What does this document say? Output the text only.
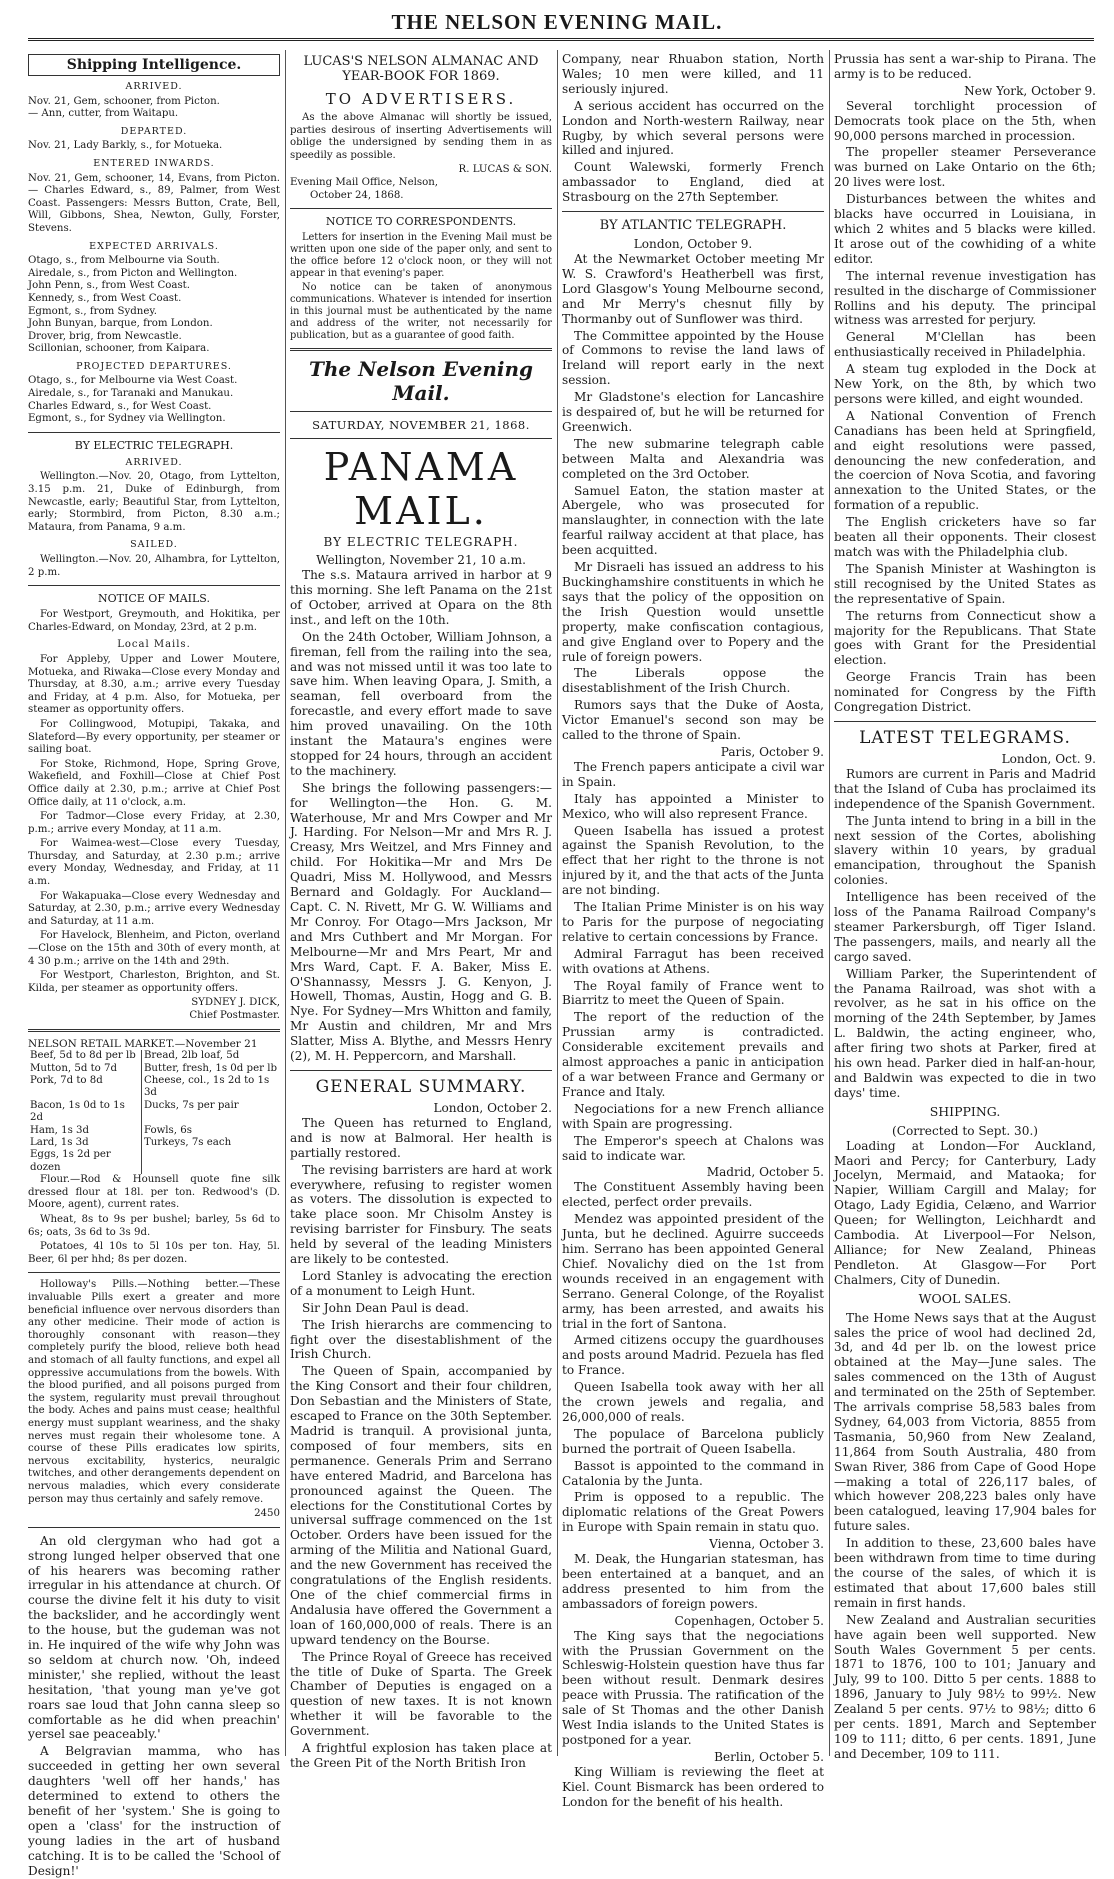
THE NELSON EVENING MAIL.
Shipping Intelligence.
ARRIVED.
Nov. 21, Gem, schooner, from Picton.
— Ann, cutter, from Waitapu.
DEPARTED.
Nov. 21, Lady Barkly, s., for Motueka.
ENTERED INWARDS.

Nov. 21, Gem, schooner, 14, Evans, from Picton. — Charles Edward, s., 89, Palmer, from West Coast. Passengers: Messrs Button, Crate, Bell, Will, Gibbons, Shea, Newton, Gully, Forster, Stevens.

EXPECTED ARRIVALS.
Otago, s., from Melbourne via South.
Airedale, s., from Picton and Wellington.
John Penn, s., from West Coast.
Kennedy, s., from West Coast.
Egmont, s., from Sydney.
John Bunyan, barque, from London.
Drover, brig, from Newcastle.
Scillonian, schooner, from Kaipara.
PROJECTED DEPARTURES.
Otago, s., for Melbourne via West Coast.
Airedale, s., for Taranaki and Manukau.
Charles Edward, s., for West Coast.
Egmont, s., for Sydney via Wellington.
BY ELECTRIC TELEGRAPH.
ARRIVED.

Wellington.—Nov. 20, Otago, from Lyttelton, 3.15 p.m. 21, Duke of Edinburgh, from Newcastle, early; Beautiful Star, from Lyttelton, early; Stormbird, from Picton, 8.30 a.m.; Mataura, from Panama, 9 a.m.

SAILED.

Wellington.—Nov. 20, Alhambra, for Lyttelton, 2 p.m.

NOTICE OF MAILS.

For Westport, Greymouth, and Hokitika, per Charles-Edward, on Monday, 23rd, at 2 p.m.

Local Mails.

For Appleby, Upper and Lower Moutere, Motueka, and Riwaka—Close every Monday and Thursday, at 8.30, a.m.; arrive every Tuesday and Friday, at 4 p.m. Also, for Motueka, per steamer as opportunity offers.

For Collingwood, Motupipi, Takaka, and Slateford—By every opportunity, per steamer or sailing boat.

For Stoke, Richmond, Hope, Spring Grove, Wakefield, and Foxhill—Close at Chief Post Office daily at 2.30, p.m.; arrive at Chief Post Office daily, at 11 o'clock, a.m.

For Tadmor—Close every Friday, at 2.30, p.m.; arrive every Monday, at 11 a.m.

For Waimea-west—Close every Tuesday, Thursday, and Saturday, at 2.30 p.m.; arrive every Monday, Wednesday, and Friday, at 11 a.m.

For Wakapuaka—Close every Wednesday and Saturday, at 2.30, p.m.; arrive every Wednesday and Saturday, at 11 a.m.

For Havelock, Blenheim, and Picton, overland—Close on the 15th and 30th of every month, at 4 30 p.m.; arrive on the 14th and 29th.

For Westport, Charleston, Brighton, and St. Kilda, per steamer as opportunity offers.

SYDNEY J. DICK,
Chief Postmaster.
NELSON RETAIL MARKET.—November 21
Beef, 5d to 8d per lb	Bread, 2lb loaf, 5d
Mutton, 5d to 7d	Butter, fresh, 1s 0d per lb
Pork, 7d to 8d	Cheese, col., 1s 2d to 1s 3d
Bacon, 1s 0d to 1s 2d	Ducks, 7s per pair
Ham, 1s 3d	Fowls, 6s
Lard, 1s 3d	Turkeys, 7s each
Eggs, 1s 2d per dozen	

Flour.—Rod & Hounsell quote fine silk dressed flour at 18l. per ton. Redwood's (D. Moore, agent), current rates.

Wheat, 8s to 9s per bushel; barley, 5s 6d to 6s; oats, 3s 6d to 3s 9d.

Potatoes, 4l 10s to 5l 10s per ton. Hay, 5l. Beer, 6l per hhd; 8s per dozen.

Holloway's Pills.—Nothing better.—These invaluable Pills exert a greater and more beneficial influence over nervous disorders than any other medicine. Their mode of action is thoroughly consonant with reason—they completely purify the blood, relieve both head and stomach of all faulty functions, and expel all oppressive accumulations from the bowels. With the blood purified, and all poisons purged from the system, regularity must prevail throughout the body. Aches and pains must cease; healthful energy must supplant weariness, and the shaky nerves must regain their wholesome tone. A course of these Pills eradicates low spirits, nervous excitability, hysterics, neuralgic twitches, and other derangements dependent on nervous maladies, which every considerate person may thus certainly and safely remove.

2450

An old clergyman who had got a strong lunged helper observed that one of his hearers was becoming rather irregular in his attendance at church. Of course the divine felt it his duty to visit the backslider, and he accordingly went to the house, but the gudeman was not in. He inquired of the wife why John was so seldom at church now. 'Oh, indeed minister,' she replied, without the least hesitation, 'that young man ye've got roars sae loud that John canna sleep so comfortable as he did when preachin' yersel sae peaceably.'

A Belgravian mamma, who has succeeded in getting her own several daughters 'well off her hands,' has determined to extend to others the benefit of her 'system.' She is going to open a 'class' for the instruction of young ladies in the art of husband catching. It is to be called the 'School of Design!'

LUCAS'S NELSON ALMANAC AND YEAR-BOOK FOR 1869.
TO ADVERTISERS.

As the above Almanac will shortly be issued, parties desirous of inserting Advertisements will oblige the undersigned by sending them in as speedily as possible.

R. LUCAS & SON.
Evening Mail Office, Nelson,
October 24, 1868.
NOTICE TO CORRESPONDENTS.

Letters for insertion in the Evening Mail must be written upon one side of the paper only, and sent to the office before 12 o'clock noon, or they will not appear in that evening's paper.

No notice can be taken of anonymous communications. Whatever is intended for insertion in this journal must be authenticated by the name and address of the writer, not necessarily for publication, but as a guarantee of good faith.

The Nelson Evening Mail.
SATURDAY, NOVEMBER 21, 1868.
PANAMA MAIL.
BY ELECTRIC TELEGRAPH.
Wellington, November 21, 10 a.m.

The s.s. Mataura arrived in harbor at 9 this morning. She left Panama on the 21st of October, arrived at Opara on the 8th inst., and left on the 10th.

On the 24th October, William Johnson, a fireman, fell from the railing into the sea, and was not missed until it was too late to save him. When leaving Opara, J. Smith, a seaman, fell overboard from the forecastle, and every effort made to save him proved unavailing. On the 10th instant the Mataura's engines were stopped for 24 hours, through an accident to the machinery.

She brings the following passengers:—for Wellington—the Hon. G. M. Waterhouse, Mr and Mrs Cowper and Mr J. Harding. For Nelson—Mr and Mrs R. J. Creasy, Mrs Weitzel, and Mrs Finney and child. For Hokitika—Mr and Mrs De Quadri, Miss M. Hollywood, and Messrs Bernard and Goldagly. For Auckland—Capt. C. N. Rivett, Mr G. W. Williams and Mr Conroy. For Otago—Mrs Jackson, Mr and Mrs Cuthbert and Mr Morgan. For Melbourne—Mr and Mrs Peart, Mr and Mrs Ward, Capt. F. A. Baker, Miss E. O'Shannassy, Messrs J. G. Kenyon, J. Howell, Thomas, Austin, Hogg and G. B. Nye. For Sydney—Mrs Whitton and family, Mr Austin and children, Mr and Mrs Slatter, Miss A. Blythe, and Messrs Henry (2), M. H. Peppercorn, and Marshall.

GENERAL SUMMARY.
London, October 2.

The Queen has returned to England, and is now at Balmoral. Her health is partially restored.

The revising barristers are hard at work everywhere, refusing to register women as voters. The dissolution is expected to take place soon. Mr Chisolm Anstey is revising barrister for Finsbury. The seats held by several of the leading Ministers are likely to be contested.

Lord Stanley is advocating the erection of a monument to Leigh Hunt.

Sir John Dean Paul is dead.

The Irish hierarchs are commencing to fight over the disestablishment of the Irish Church.

The Queen of Spain, accompanied by the King Consort and their four children, Don Sebastian and the Ministers of State, escaped to France on the 30th September. Madrid is tranquil. A provisional junta, composed of four members, sits en permanence. Generals Prim and Serrano have entered Madrid, and Barcelona has pronounced against the Queen. The elections for the Constitutional Cortes by universal suffrage commenced on the 1st October. Orders have been issued for the arming of the Militia and National Guard, and the new Government has received the congratulations of the English residents. One of the chief commercial firms in Andalusia have offered the Government a loan of 160,000,000 of reals. There is an upward tendency on the Bourse.

The Prince Royal of Greece has received the title of Duke of Sparta. The Greek Chamber of Deputies is engaged on a question of new taxes. It is not known whether it will be favorable to the Government.

A frightful explosion has taken place at the Green Pit of the North British Iron

Company, near Rhuabon station, North Wales; 10 men were killed, and 11 seriously injured.

A serious accident has occurred on the London and North-western Railway, near Rugby, by which several persons were killed and injured.

Count Walewski, formerly French ambassador to England, died at Strasbourg on the 27th September.

BY ATLANTIC TELEGRAPH.
London, October 9.

At the Newmarket October meeting Mr W. S. Crawford's Heatherbell was first, Lord Glasgow's Young Melbourne second, and Mr Merry's chesnut filly by Thormanby out of Sunflower was third.

The Committee appointed by the House of Commons to revise the land laws of Ireland will report early in the next session.

Mr Gladstone's election for Lancashire is despaired of, but he will be returned for Greenwich.

The new submarine telegraph cable between Malta and Alexandria was completed on the 3rd October.

Samuel Eaton, the station master at Abergele, who was prosecuted for manslaughter, in connection with the late fearful railway accident at that place, has been acquitted.

Mr Disraeli has issued an address to his Buckinghamshire constituents in which he says that the policy of the opposition on the Irish Question would unsettle property, make confiscation contagious, and give England over to Popery and the rule of foreign powers.

The Liberals oppose the disestablishment of the Irish Church.

Rumors says that the Duke of Aosta, Victor Emanuel's second son may be called to the throne of Spain.

Paris, October 9.

The French papers anticipate a civil war in Spain.

Italy has appointed a Minister to Mexico, who will also represent France.

Queen Isabella has issued a protest against the Spanish Revolution, to the effect that her right to the throne is not injured by it, and the that acts of the Junta are not binding.

The Italian Prime Minister is on his way to Paris for the purpose of negociating relative to certain concessions by France.

Admiral Farragut has been received with ovations at Athens.

The Royal family of France went to Biarritz to meet the Queen of Spain.

The report of the reduction of the Prussian army is contradicted. Considerable excitement prevails and almost approaches a panic in anticipation of a war between France and Germany or France and Italy.

Negociations for a new French alliance with Spain are progressing.

The Emperor's speech at Chalons was said to indicate war.

Madrid, October 5.

The Constituent Assembly having been elected, perfect order prevails.

Mendez was appointed president of the Junta, but he declined. Aguirre succeeds him. Serrano has been appointed General Chief. Novalichy died on the 1st from wounds received in an engagement with Serrano. General Colonge, of the Royalist army, has been arrested, and awaits his trial in the fort of Santona.

Armed citizens occupy the guardhouses and posts around Madrid. Pezuela has fled to France.

Queen Isabella took away with her all the crown jewels and regalia, and 26,000,000 of reals.

The populace of Barcelona publicly burned the portrait of Queen Isabella.

Bassot is appointed to the command in Catalonia by the Junta.

Prim is opposed to a republic. The diplomatic relations of the Great Powers in Europe with Spain remain in statu quo.

Vienna, October 3.

M. Deak, the Hungarian statesman, has been entertained at a banquet, and an address presented to him from the ambassadors of foreign powers.

Copenhagen, October 5.

The King says that the negociations with the Prussian Government on the Schleswig-Holstein question have thus far been without result. Denmark desires peace with Prussia. The ratification of the sale of St Thomas and the other Danish West India islands to the United States is postponed for a year.

Berlin, October 5.

King William is reviewing the fleet at Kiel. Count Bismarck has been ordered to London for the benefit of his health.

Prussia has sent a war-ship to Pirana. The army is to be reduced.

New York, October 9.

Several torchlight procession of Democrats took place on the 5th, when 90,000 persons marched in procession.

The propeller steamer Perseverance was burned on Lake Ontario on the 6th; 20 lives were lost.

Disturbances between the whites and blacks have occurred in Louisiana, in which 2 whites and 5 blacks were killed. It arose out of the cowhiding of a white editor.

The internal revenue investigation has resulted in the discharge of Commissioner Rollins and his deputy. The principal witness was arrested for perjury.

General M'Clellan has been enthusiastically received in Philadelphia.

A steam tug exploded in the Dock at New York, on the 8th, by which two persons were killed, and eight wounded.

A National Convention of French Canadians has been held at Springfield, and eight resolutions were passed, denouncing the new confederation, and the coercion of Nova Scotia, and favoring annexation to the United States, or the formation of a republic.

The English cricketers have so far beaten all their opponents. Their closest match was with the Philadelphia club.

The Spanish Minister at Washington is still recognised by the United States as the representative of Spain.

The returns from Connecticut show a majority for the Republicans. That State goes with Grant for the Presidential election.

George Francis Train has been nominated for Congress by the Fifth Congregation District.

LATEST TELEGRAMS.
London, Oct. 9.

Rumors are current in Paris and Madrid that the Island of Cuba has proclaimed its independence of the Spanish Government.

The Junta intend to bring in a bill in the next session of the Cortes, abolishing slavery within 10 years, by gradual emancipation, throughout the Spanish colonies.

Intelligence has been received of the loss of the Panama Railroad Company's steamer Parkersburgh, off Tiger Island. The passengers, mails, and nearly all the cargo saved.

William Parker, the Superintendent of the Panama Railroad, was shot with a revolver, as he sat in his office on the morning of the 24th September, by James L. Baldwin, the acting engineer, who, after firing two shots at Parker, fired at his own head. Parker died in half-an-hour, and Baldwin was expected to die in two days' time.

SHIPPING.
(Corrected to Sept. 30.)

Loading at London—For Auckland, Maori and Percy; for Canterbury, Lady Jocelyn, Mermaid, and Mataoka; for Napier, William Cargill and Malay; for Otago, Lady Egidia, Celæno, and Warrior Queen; for Wellington, Leichhardt and Cambodia. At Liverpool—For Nelson, Alliance; for New Zealand, Phineas Pendleton. At Glasgow—For Port Chalmers, City of Dunedin.

WOOL SALES.

The Home News says that at the August sales the price of wool had declined 2d, 3d, and 4d per lb. on the lowest price obtained at the May—June sales. The sales commenced on the 13th of August and terminated on the 25th of September. The arrivals comprise 58,583 bales from Sydney, 64,003 from Victoria, 8855 from Tasmania, 50,960 from New Zealand, 11,864 from South Australia, 480 from Swan River, 386 from Cape of Good Hope—making a total of 226,117 bales, of which however 208,223 bales only have been catalogued, leaving 17,904 bales for future sales.

In addition to these, 23,600 bales have been withdrawn from time to time during the course of the sales, of which it is estimated that about 17,600 bales still remain in first hands.

New Zealand and Australian securities have again been well supported. New South Wales Government 5 per cents. 1871 to 1876, 100 to 101; January and July, 99 to 100. Ditto 5 per cents. 1888 to 1896, January to July 98½ to 99½. New Zealand 5 per cents. 97½ to 98½; ditto 6 per cents. 1891, March and September 109 to 111; ditto, 6 per cents. 1891, June and December, 109 to 111.
